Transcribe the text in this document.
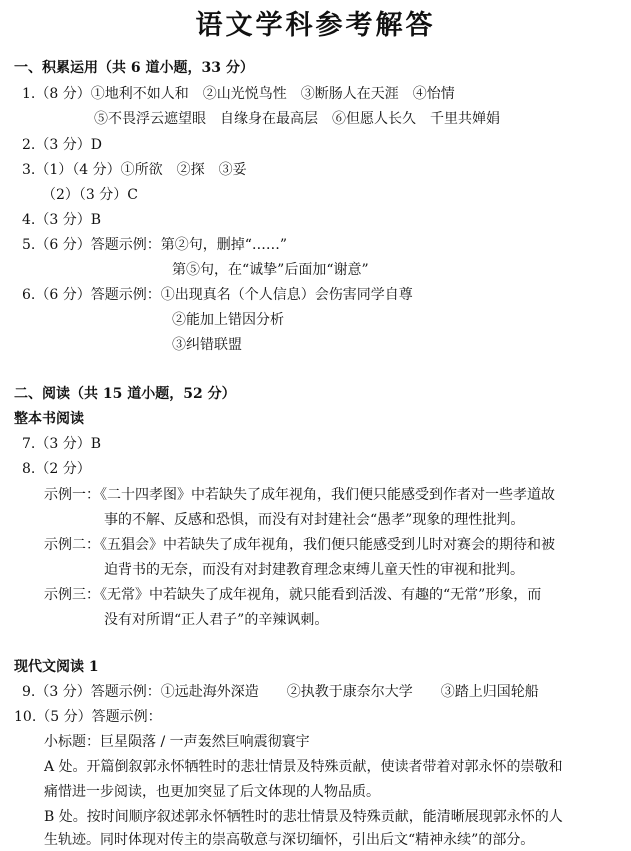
语文学科参考解答
一、积累运用（共 6 道小题，33 分）
1.（8 分）①地利不如人和　②山光悦鸟性　③断肠人在天涯　④怡情
⑤不畏浮云遮望眼　自缘身在最高层　⑥但愿人长久　千里共婵娟
2.（3 分）D
3.（1）（4 分）①所欲　②探　③妥
（2）（3 分）C
4.（3 分）B
5.（6 分）答题示例：第②句，删掉“……”
第⑤句，在“诚挚”后面加“谢意”
6.（6 分）答题示例：①出现真名（个人信息）会伤害同学自尊
②能加上错因分析
③纠错联盟
二、阅读（共 15 道小题，52 分）
整本书阅读
7.（3 分）B
8.（2 分）
示例一：《二十四孝图》中若缺失了成年视角，我们便只能感受到作者对一些孝道故
事的不解、反感和恐惧，而没有对封建社会“愚孝”现象的理性批判。
示例二：《五猖会》中若缺失了成年视角，我们便只能感受到儿时对赛会的期待和被
迫背书的无奈，而没有对封建教育理念束缚儿童天性的审视和批判。
示例三：《无常》中若缺失了成年视角，就只能看到活泼、有趣的“无常”形象，而
没有对所谓“正人君子”的辛辣讽刺。
现代文阅读 1
9.（3 分）答题示例：①远赴海外深造　　②执教于康奈尔大学　　③踏上归国轮船
10.（5 分）答题示例：
小标题：巨星陨落 / 一声轰然巨响震彻寰宇
A 处。开篇倒叙郭永怀牺牲时的悲壮情景及特殊贡献，使读者带着对郭永怀的崇敬和
痛惜进一步阅读，也更加突显了后文体现的人物品质。
B 处。按时间顺序叙述郭永怀牺牲时的悲壮情景及特殊贡献，能清晰展现郭永怀的人
生轨迹。同时体现对传主的崇高敬意与深切缅怀，引出后文“精神永续”的部分。
